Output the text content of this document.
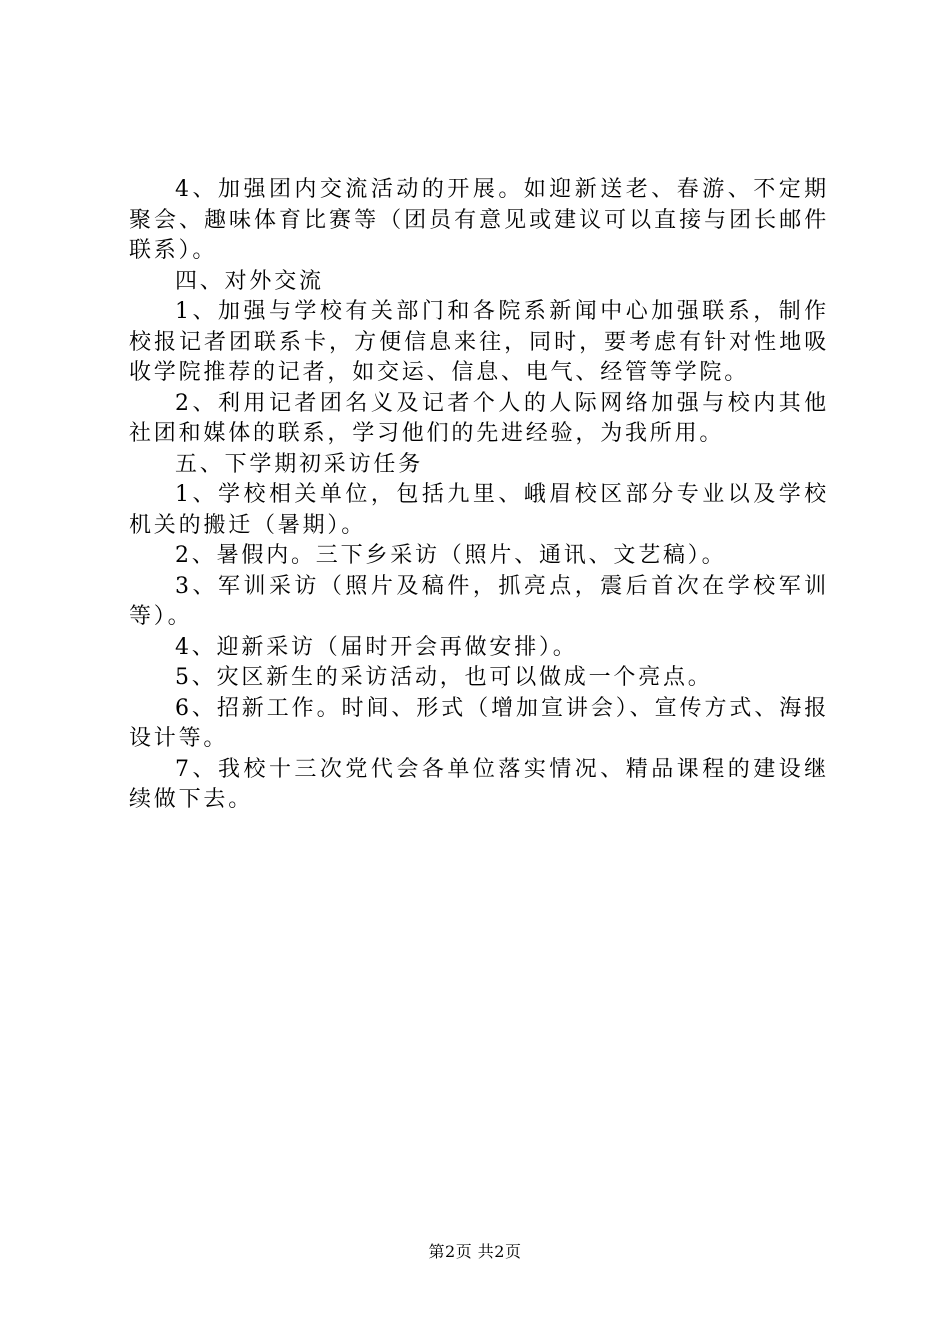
4、加强团内交流活动的开展。如迎新送老、春游、不定期聚会、趣味体育比赛等（团员有意见或建议可以直接与团长邮件联系）。

四、对外交流

1、加强与学校有关部门和各院系新闻中心加强联系，制作校报记者团联系卡，方便信息来往，同时，要考虑有针对性地吸收学院推荐的记者，如交运、信息、电气、经管等学院。

2、利用记者团名义及记者个人的人际网络加强与校内其他社团和媒体的联系，学习他们的先进经验，为我所用。

五、下学期初采访任务

1、学校相关单位，包括九里、峨眉校区部分专业以及学校机关的搬迁（暑期）。

2、暑假内。三下乡采访（照片、通讯、文艺稿）。

3、军训采访（照片及稿件，抓亮点，震后首次在学校军训等）。

4、迎新采访（届时开会再做安排）。

5、灾区新生的采访活动，也可以做成一个亮点。

6、招新工作。时间、形式（增加宣讲会）、宣传方式、海报设计等。

7、我校十三次党代会各单位落实情况、精品课程的建设继续做下去。

第2页 共2页
